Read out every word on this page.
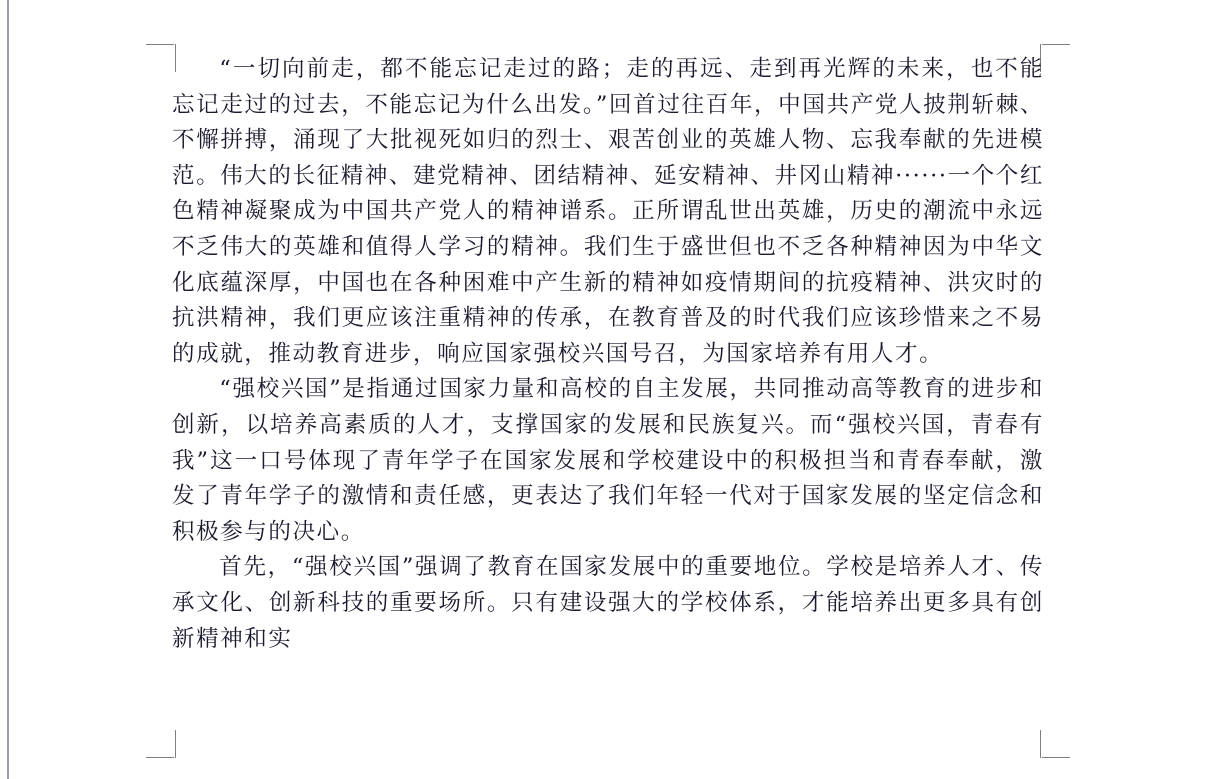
“一切向前走，都不能忘记走过的路；走的再远、走到再光辉的未来，也不能忘记走过的过去，不能忘记为什么出发。”回首过往百年，中国共产党人披荆斩棘、不懈拼搏，涌现了大批视死如归的烈士、艰苦创业的英雄人物、忘我奉献的先进模范。伟大的长征精神、建党精神、团结精神、延安精神、井冈山精神······一个个红色精神凝聚成为中国共产党人的精神谱系。正所谓乱世出英雄，历史的潮流中永远不乏伟大的英雄和值得人学习的精神。我们生于盛世但也不乏各种精神因为中华文化底蕴深厚，中国也在各种困难中产生新的精神如疫情期间的抗疫精神、洪灾时的抗洪精神，我们更应该注重精神的传承，在教育普及的时代我们应该珍惜来之不易的成就，推动教育进步，响应国家强校兴国号召，为国家培养有用人才。

“强校兴国”是指通过国家力量和高校的自主发展，共同推动高等教育的进步和创新，以培养高素质的人才，支撑国家的发展和民族复兴。而“强校兴国，青春有我”这一口号体现了青年学子在国家发展和学校建设中的积极担当和青春奉献，激发了青年学子的激情和责任感，更表达了我们年轻一代对于国家发展的坚定信念和积极参与的决心。

首先，“强校兴国”强调了教育在国家发展中的重要地位。学校是培养人才、传承文化、创新科技的重要场所。只有建设强大的学校体系，才能培养出更多具有创新精神和实
